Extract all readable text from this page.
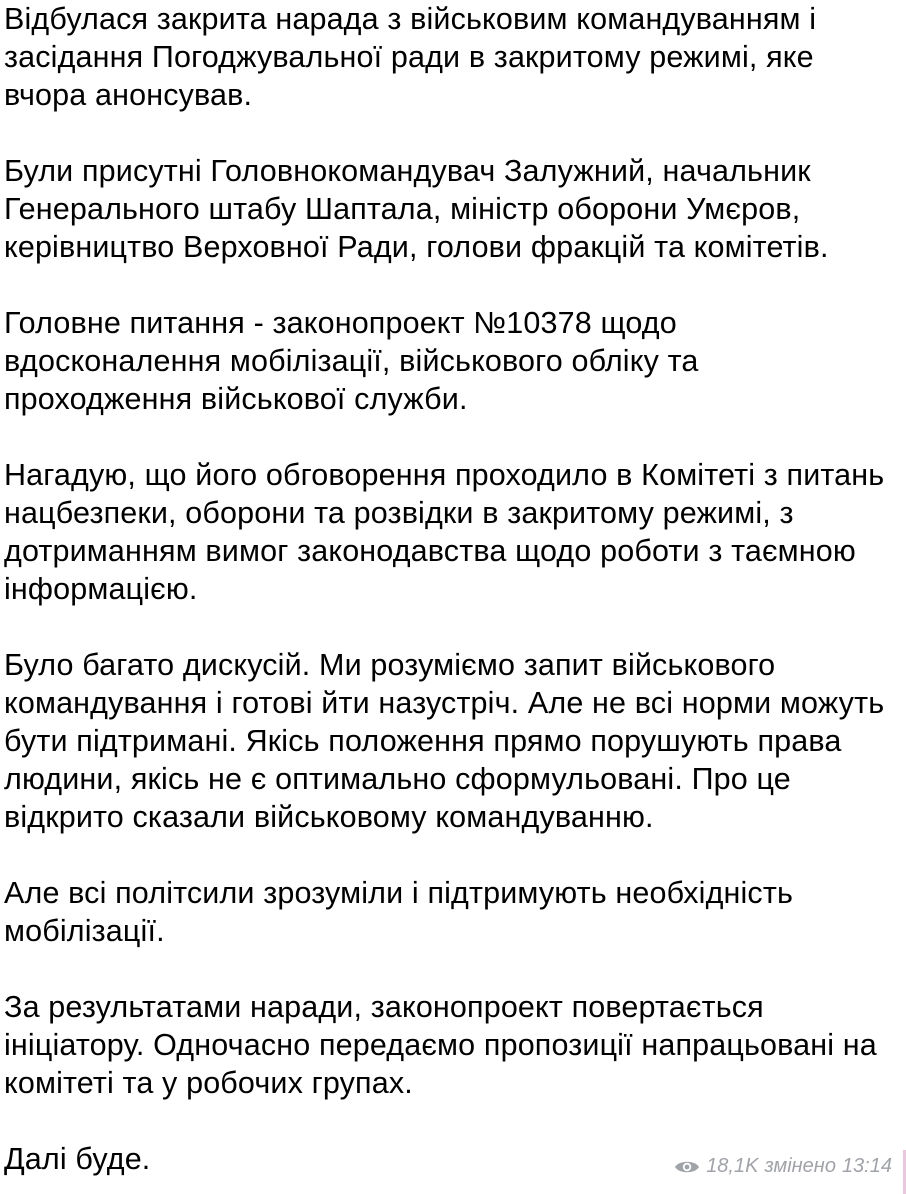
Відбулася закрита нарада з військовим командуванням і
засідання Погоджувальної ради в закритому режимі, яке
вчора анонсував.

Були присутні Головнокомандувач Залужний, начальник
Генерального штабу Шаптала, міністр оборони Умєров,
керівництво Верховної Ради, голови фракцій та комітетів.

Головне питання - законопроект №10378 щодо
вдосконалення мобілізації, військового обліку та
проходження військової служби.

Нагадую, що його обговорення проходило в Комітеті з питань
нацбезпеки, оборони та розвідки в закритому режимі, з
дотриманням вимог законодавства щодо роботи з таємною
інформацією.

Було багато дискусій. Ми розуміємо запит військового
командування і готові йти назустріч. Але не всі норми можуть
бути підтримані. Якісь положення прямо порушують права
людини, якісь не є оптимально сформульовані. Про це
відкрито сказали військовому командуванню.

Але всі політсили зрозуміли і підтримують необхідність
мобілізації.

За результатами наради, законопроект повертається
ініціатору. Одночасно передаємо пропозиції напрацьовані на
комітеті та у робочих групах.

Далі буде.	18,1K змінено 13:14
